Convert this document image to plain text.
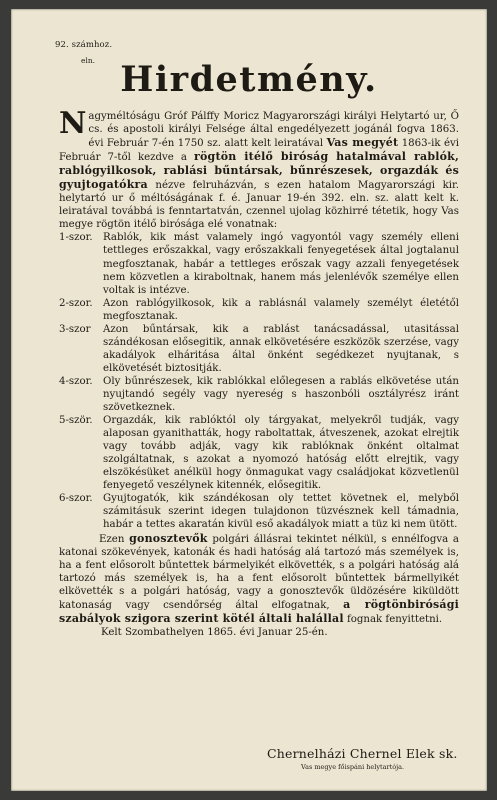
92. számhoz.
eln. Hirdetmény.

Nagyméltóságu Gróf Pálffy Moricz Magyarországi királyi Helytartó ur, Ő cs. és apostoli királyi Felsége által engedélyezett jogánál fogva 1863. évi Február 7-én 1750 sz. alatt kelt leiratával Vas megyét 1863-ik évi Február 7-től kezdve a rögtön itélő biróság hatalmával rablók, rablógyilkosok, rablási bűntársak, bűnrészesek, orgazdák és gyujtogatókra nézve felruházván, s ezen hatalom Magyarországi kir. helytartó ur ő méltóságának f. é. Januar 19-én 392. eln. sz. alatt kelt k. leiratával továbbá is fenntartatván, czennel ujolag közhirré tétetik, hogy Vas megye rögtön itélő birósága elé vonatnak:

1-szor. Rablók, kik mást valamely ingó vagyontól vagy személy elleni tettleges erőszakkal, vagy erőszakkali fenyegetések által jogtalanul megfosztanak, habár a tettleges erőszak vagy azzali fenyegetések nem közvetlen a kiraboltnak, hanem más jelenlévők személye ellen voltak is intézve.

2-szor. Azon rablógyilkosok, kik a rablásnál valamely személyt életétől megfosztanak.

3-szor Azon bűntársak, kik a rablást tanácsadással, utasitással szándékosan elősegitik, annak elkövetésére eszközök szerzése, vagy akadályok elháritása által önként segédkezet nyujtanak, s elkövetését biztositják.

4-szor. Oly bűnrészesek, kik rablókkal előlegesen a rablás elkövetése után nyujtandó segély vagy nyereség s haszonbóli osztályrész iránt szövetkeznek.

5-ször. Orgazdák, kik rablóktól oly tárgyakat, melyekről tudják, vagy alaposan gyanithatták, hogy raboltattak, átveszenek, azokat elrejtik vagy tovább adják, vagy kik rablóknak önként oltalmat szolgáltatnak, s azokat a nyomozó hatóság előtt elrejtik, vagy elszökésüket anélkül hogy önmagukat vagy családjokat közvetlenül fenyegető veszélynek kitennék, elősegitik.

6-szor. Gyujtogatók, kik szándékosan oly tettet követnek el, melyből számitásuk szerint idegen tulajdonon tüzvésznek kell támadnia, habár a tettes akaratán kivül eső akadályok miatt a tüz ki nem ütött.

Ezen gonosztevők polgári állásrai tekintet nélkül, s ennélfogva a katonai szökevények, katonák és hadi hatóság alá tartozó más személyek is, ha a fent elősorolt bűntettek bármelyikét elkövették, s a polgári hatóság alá tartozó más személyek is, ha a fent elősorolt bűntettek bármellyikét elkövették s a polgári hatóság, vagy a gonosztevők üldözésére kiküldött katonaság vagy csendőrség által elfogatnak, a rögtönbirósági szabályok szigora szerint kötél általi halállal fognak fenyittetni.

Kelt Szombathelyen 1865. évi Januar 25-én.

Chernelházi Chernel Elek sk.
Vas megye főispáni helytartója.
